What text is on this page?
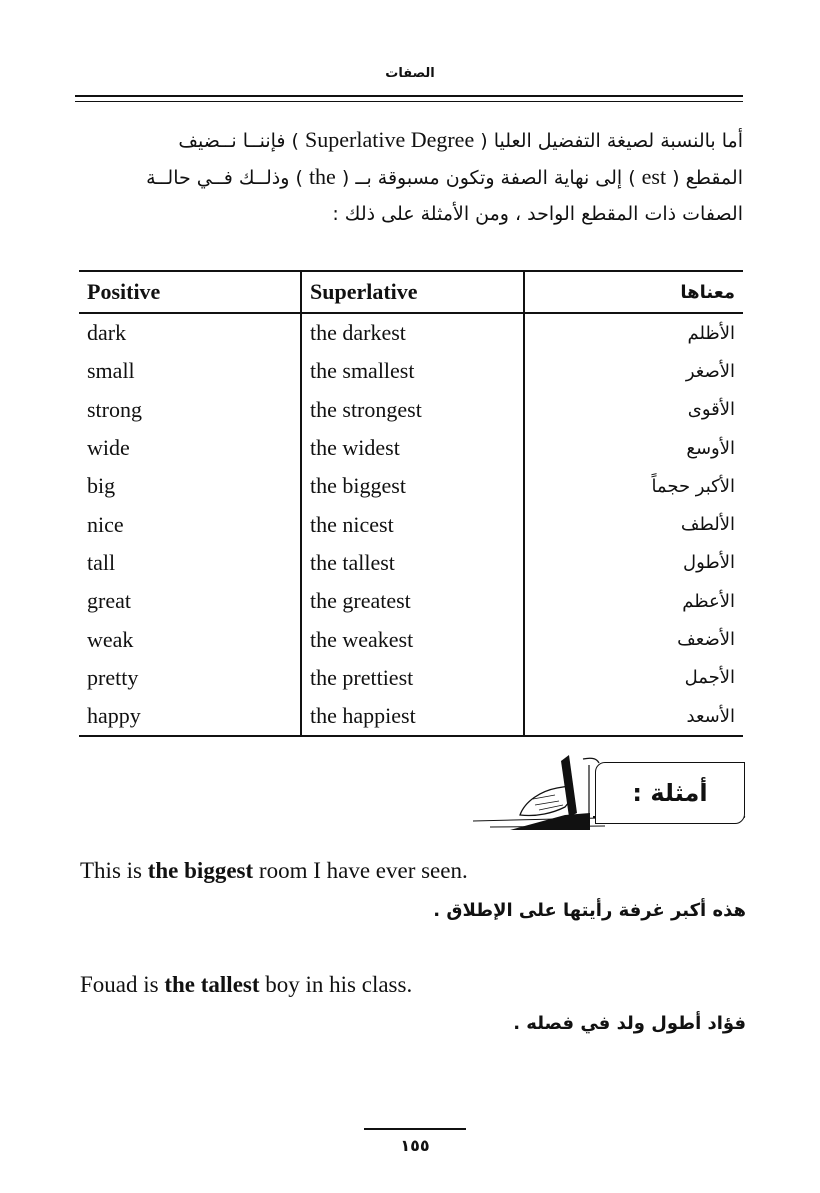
الصفات
أما بالنسبة لصيغة التفضيل العليا ( Superlative Degree ) فإننــا نــضيف
المقطع ( est ) إلى نهاية الصفة وتكون مسبوقة بــ ( the ) وذلــك فــي حالــة
الصفات ذات المقطع الواحد ، ومن الأمثلة على ذلك :
Positive	Superlative	معناها
dark	the darkest	الأظلم
small	the smallest	الأصغر
strong	the strongest	الأقوى
wide	the widest	الأوسع
big	the biggest	الأكبر حجماً
nice	the nicest	الألطف
tall	the tallest	الأطول
great	the greatest	الأعظم
weak	the weakest	الأضعف
pretty	the prettiest	الأجمل
happy	the happiest	الأسعد
أمثلة :
This is the biggest room I have ever seen.
هذه أكبر غرفة رأيتها على الإطلاق .
Fouad is the tallest boy in his class.
فؤاد أطول ولد في فصله .
١٥٥
